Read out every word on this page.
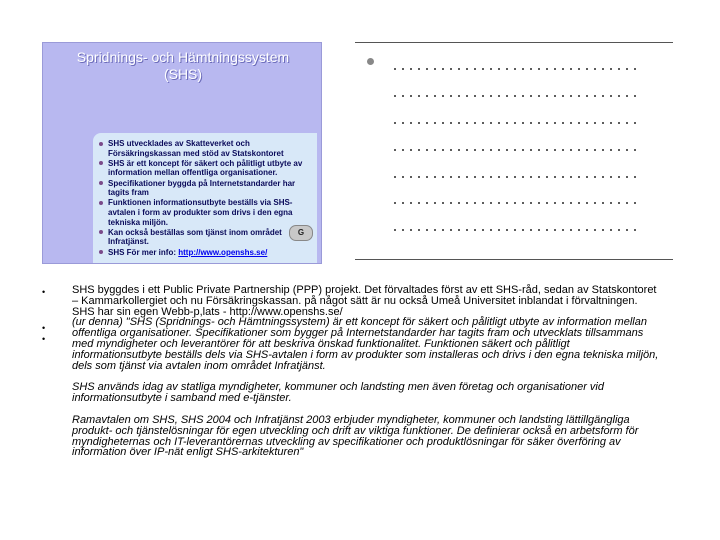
Spridnings- och Hämtningssystem
(SHS)
SHS utvecklades av Skatteverket och Försäkringskassan med stöd av Statskontoret
SHS är ett koncept för säkert och pålitligt utbyte av information mellan offentliga organisationer.
Specifikationer byggda på Internetstandarder har tagits fram
Funktionen informationsutbyte beställs via SHS-avtalen i form av produkter som drivs i den egna tekniska miljön.
Kan också beställas som tjänst inom området Infratjänst.
SHS För mer info: http://www.openshs.se/
G
•
•
•

SHS byggdes i ett Public Private Partnership (PPP) projekt. Det förvaltades först av ett SHS-råd, sedan av Statskontoret – Kammarkollergiet och nu Försäkringskassan. på något sätt är nu också Umeå Universitet inblandat i förvaltningen.

SHS har sin egen Webb-p,lats - http://www.openshs.se/

(ur denna) "SHS (Spridnings- och Hämtningssystem) är ett koncept för säkert och pålitligt utbyte av information mellan offentliga organisationer. Specifikationer som bygger på Internetstandarder har tagits fram och utvecklats tillsammans med myndigheter och leverantörer för att beskriva önskad funktionalitet. Funktionen säkert och pålitligt informationsutbyte beställs dels via SHS-avtalen i form av produkter som installeras och drivs i den egna tekniska miljön, dels som tjänst via avtalen inom området Infratjänst.

SHS används idag av statliga myndigheter, kommuner och landsting men även företag och organisationer vid informationsutbyte i samband med e-tjänster.

Ramavtalen om SHS, SHS 2004 och Infratjänst 2003 erbjuder myndigheter, kommuner och landsting lättillgängliga produkt- och tjänstelösningar för egen utveckling och drift av viktiga funktioner. De definierar också en arbetsform för myndigheternas och IT-leverantörernas utveckling av specifikationer och produktlösningar för säker överföring av information över IP-nät enligt SHS-arkitekturen"
